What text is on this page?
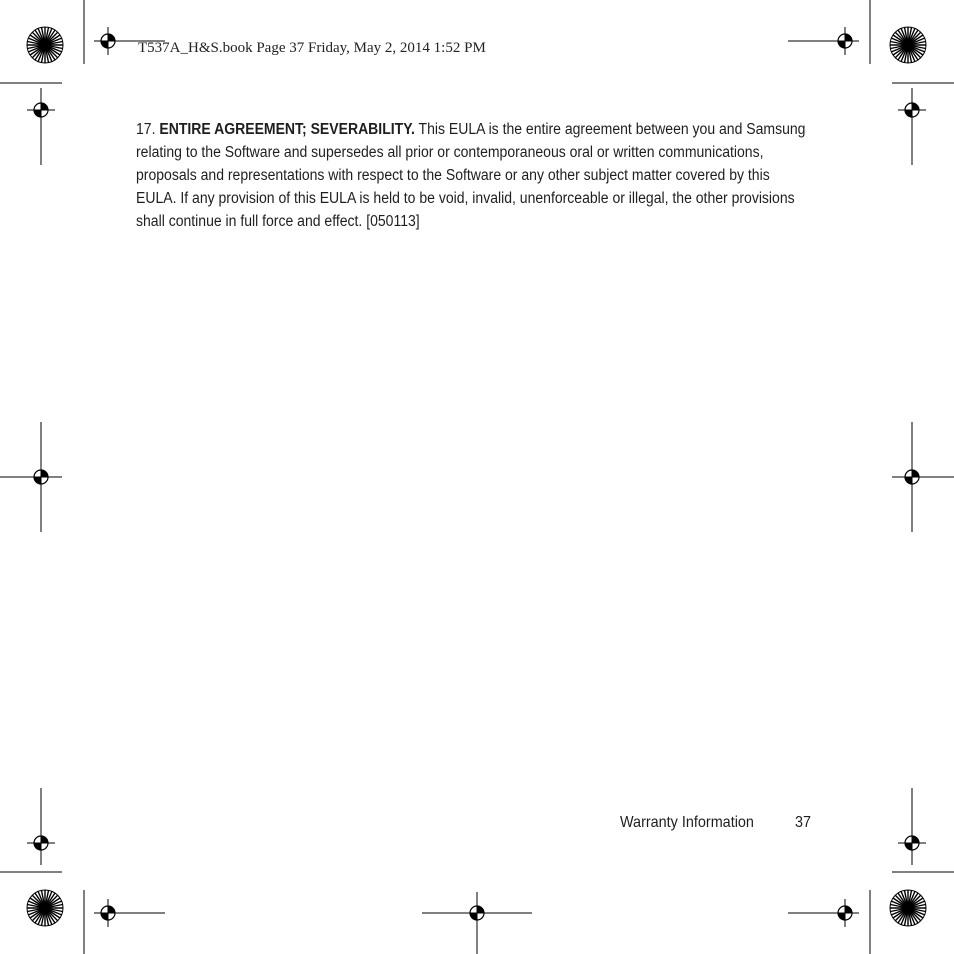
T537A_H&S.book Page 37 Friday, May 2, 2014 1:52 PM
17. ENTIRE AGREEMENT; SEVERABILITY. This EULA is the entire agreement between you and Samsung relating to the Software and supersedes all prior or contemporaneous oral or written communications, proposals and representations with respect to the Software or any other subject matter covered by this EULA. If any provision of this EULA is held to be void, invalid, unenforceable or illegal, the other provisions shall continue in full force and effect. [050113]
Warranty Information	37
